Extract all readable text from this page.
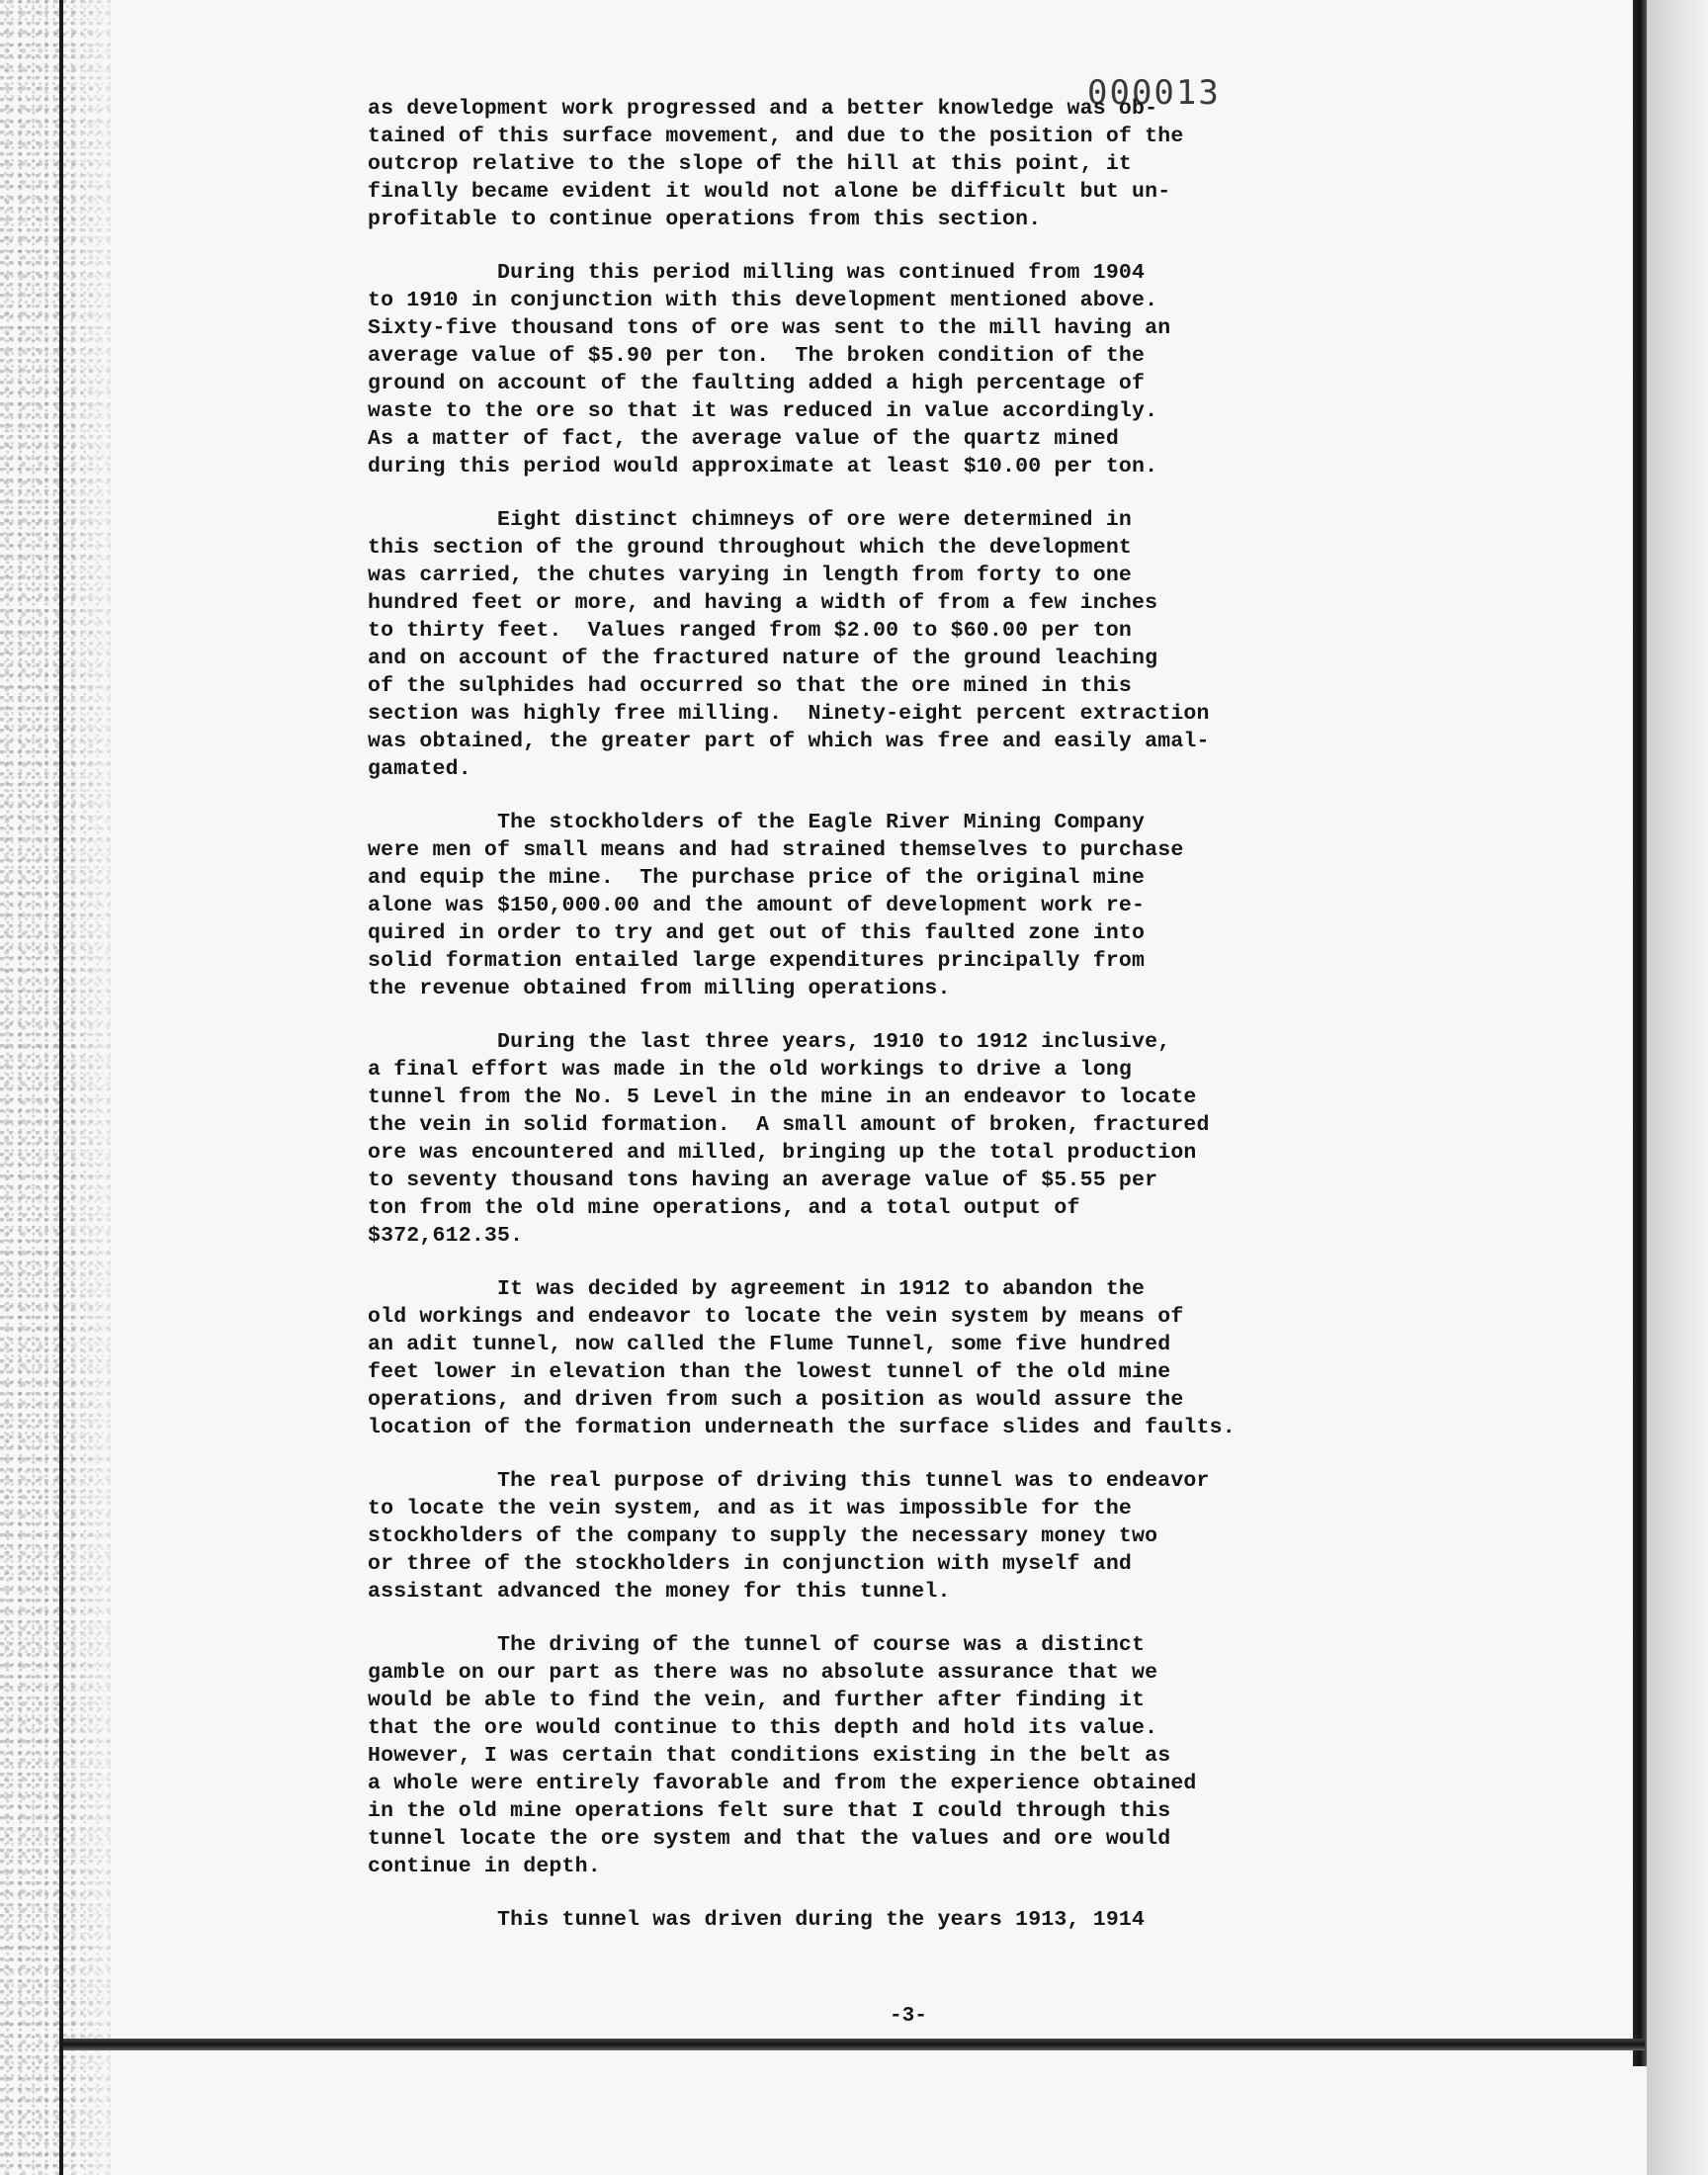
000013
as development work progressed and a better knowledge was ob-
tained of this surface movement, and due to the position of the
outcrop relative to the slope of the hill at this point, it
finally became evident it would not alone be difficult but un-
profitable to continue operations from this section.
During this period milling was continued from 1904
to 1910 in conjunction with this development mentioned above.
Sixty-five thousand tons of ore was sent to the mill having an
average value of $5.90 per ton.  The broken condition of the
ground on account of the faulting added a high percentage of
waste to the ore so that it was reduced in value accordingly.
As a matter of fact, the average value of the quartz mined
during this period would approximate at least $10.00 per ton.
Eight distinct chimneys of ore were determined in
this section of the ground throughout which the development
was carried, the chutes varying in length from forty to one
hundred feet or more, and having a width of from a few inches
to thirty feet.  Values ranged from $2.00 to $60.00 per ton
and on account of the fractured nature of the ground leaching
of the sulphides had occurred so that the ore mined in this
section was highly free milling.  Ninety-eight percent extraction
was obtained, the greater part of which was free and easily amal-
gamated.
The stockholders of the Eagle River Mining Company
were men of small means and had strained themselves to purchase
and equip the mine.  The purchase price of the original mine
alone was $150,000.00 and the amount of development work re-
quired in order to try and get out of this faulted zone into
solid formation entailed large expenditures principally from
the revenue obtained from milling operations.
During the last three years, 1910 to 1912 inclusive,
a final effort was made in the old workings to drive a long
tunnel from the No. 5 Level in the mine in an endeavor to locate
the vein in solid formation.  A small amount of broken, fractured
ore was encountered and milled, bringing up the total production
to seventy thousand tons having an average value of $5.55 per
ton from the old mine operations, and a total output of
$372,612.35.
It was decided by agreement in 1912 to abandon the
old workings and endeavor to locate the vein system by means of
an adit tunnel, now called the Flume Tunnel, some five hundred
feet lower in elevation than the lowest tunnel of the old mine
operations, and driven from such a position as would assure the
location of the formation underneath the surface slides and faults.
The real purpose of driving this tunnel was to endeavor
to locate the vein system, and as it was impossible for the
stockholders of the company to supply the necessary money two
or three of the stockholders in conjunction with myself and
assistant advanced the money for this tunnel.
The driving of the tunnel of course was a distinct
gamble on our part as there was no absolute assurance that we
would be able to find the vein, and further after finding it
that the ore would continue to this depth and hold its value.
However, I was certain that conditions existing in the belt as
a whole were entirely favorable and from the experience obtained
in the old mine operations felt sure that I could through this
tunnel locate the ore system and that the values and ore would
continue in depth.
This tunnel was driven during the years 1913, 1914
-3-
